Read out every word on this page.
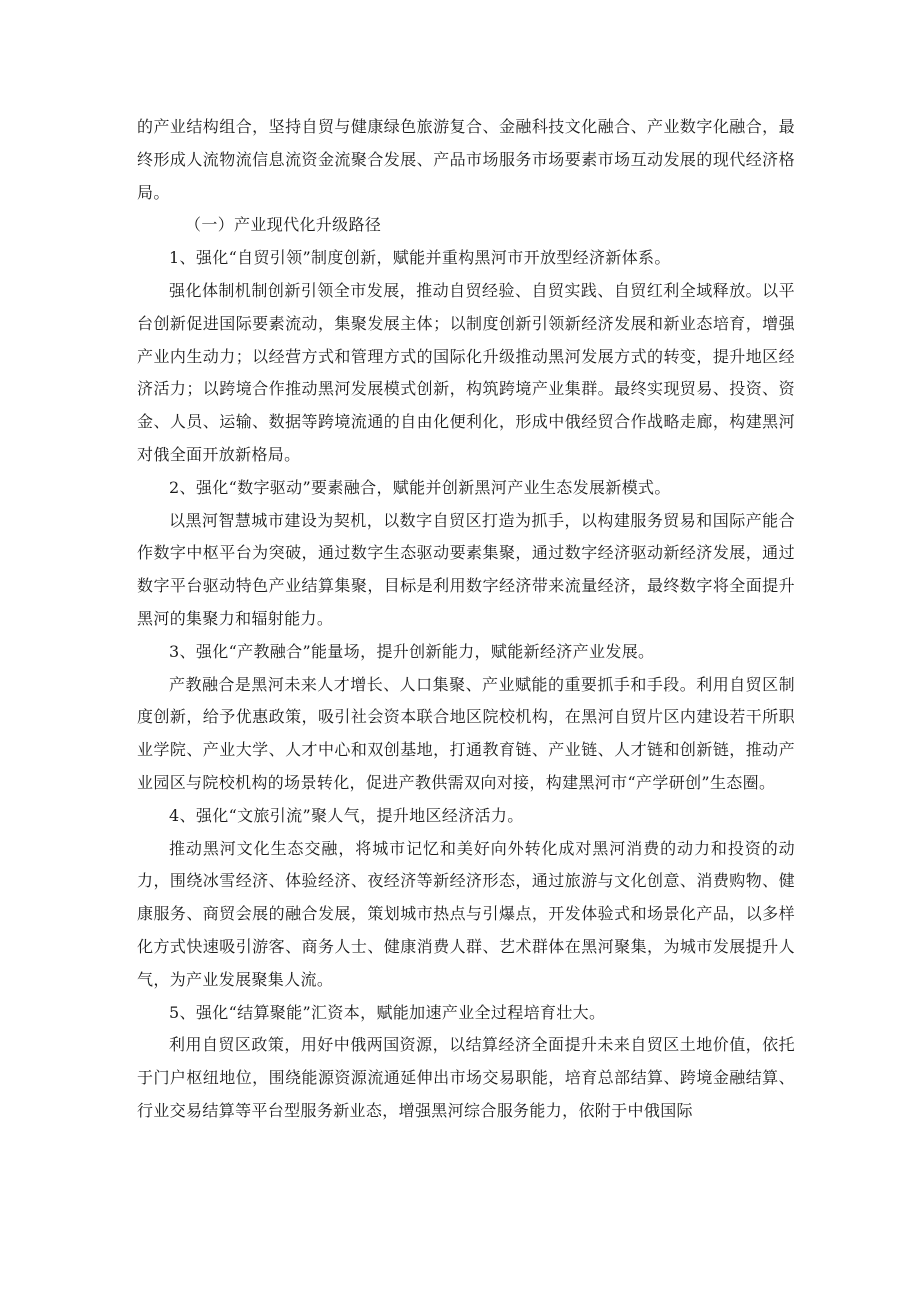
的产业结构组合，坚持自贸与健康绿色旅游复合、金融科技文化融合、产业数字化融合，最终形成人流物流信息流资金流聚合发展、产品市场服务市场要素市场互动发展的现代经济格局。

（一）产业现代化升级路径

1、强化“自贸引领”制度创新，赋能并重构黑河市开放型经济新体系。

强化体制机制创新引领全市发展，推动自贸经验、自贸实践、自贸红利全域释放。以平台创新促进国际要素流动，集聚发展主体；以制度创新引领新经济发展和新业态培育，增强产业内生动力；以经营方式和管理方式的国际化升级推动黑河发展方式的转变，提升地区经济活力；以跨境合作推动黑河发展模式创新，构筑跨境产业集群。最终实现贸易、投资、资金、人员、运输、数据等跨境流通的自由化便利化，形成中俄经贸合作战略走廊，构建黑河对俄全面开放新格局。

2、强化“数字驱动”要素融合，赋能并创新黑河产业生态发展新模式。

以黑河智慧城市建设为契机，以数字自贸区打造为抓手，以构建服务贸易和国际产能合作数字中枢平台为突破，通过数字生态驱动要素集聚，通过数字经济驱动新经济发展，通过数字平台驱动特色产业结算集聚，目标是利用数字经济带来流量经济，最终数字将全面提升黑河的集聚力和辐射能力。

3、强化“产教融合”能量场，提升创新能力，赋能新经济产业发展。

产教融合是黑河未来人才增长、人口集聚、产业赋能的重要抓手和手段。利用自贸区制度创新，给予优惠政策，吸引社会资本联合地区院校机构，在黑河自贸片区内建设若干所职业学院、产业大学、人才中心和双创基地，打通教育链、产业链、人才链和创新链，推动产业园区与院校机构的场景转化，促进产教供需双向对接，构建黑河市“产学研创”生态圈。

4、强化“文旅引流”聚人气，提升地区经济活力。

推动黑河文化生态交融，将城市记忆和美好向外转化成对黑河消费的动力和投资的动力，围绕冰雪经济、体验经济、夜经济等新经济形态，通过旅游与文化创意、消费购物、健康服务、商贸会展的融合发展，策划城市热点与引爆点，开发体验式和场景化产品，以多样化方式快速吸引游客、商务人士、健康消费人群、艺术群体在黑河聚集，为城市发展提升人气，为产业发展聚集人流。

5、强化“结算聚能”汇资本，赋能加速产业全过程培育壮大。

利用自贸区政策，用好中俄两国资源，以结算经济全面提升未来自贸区土地价值，依托于门户枢纽地位，围绕能源资源流通延伸出市场交易职能，培育总部结算、跨境金融结算、行业交易结算等平台型服务新业态，增强黑河综合服务能力，依附于中俄国际
